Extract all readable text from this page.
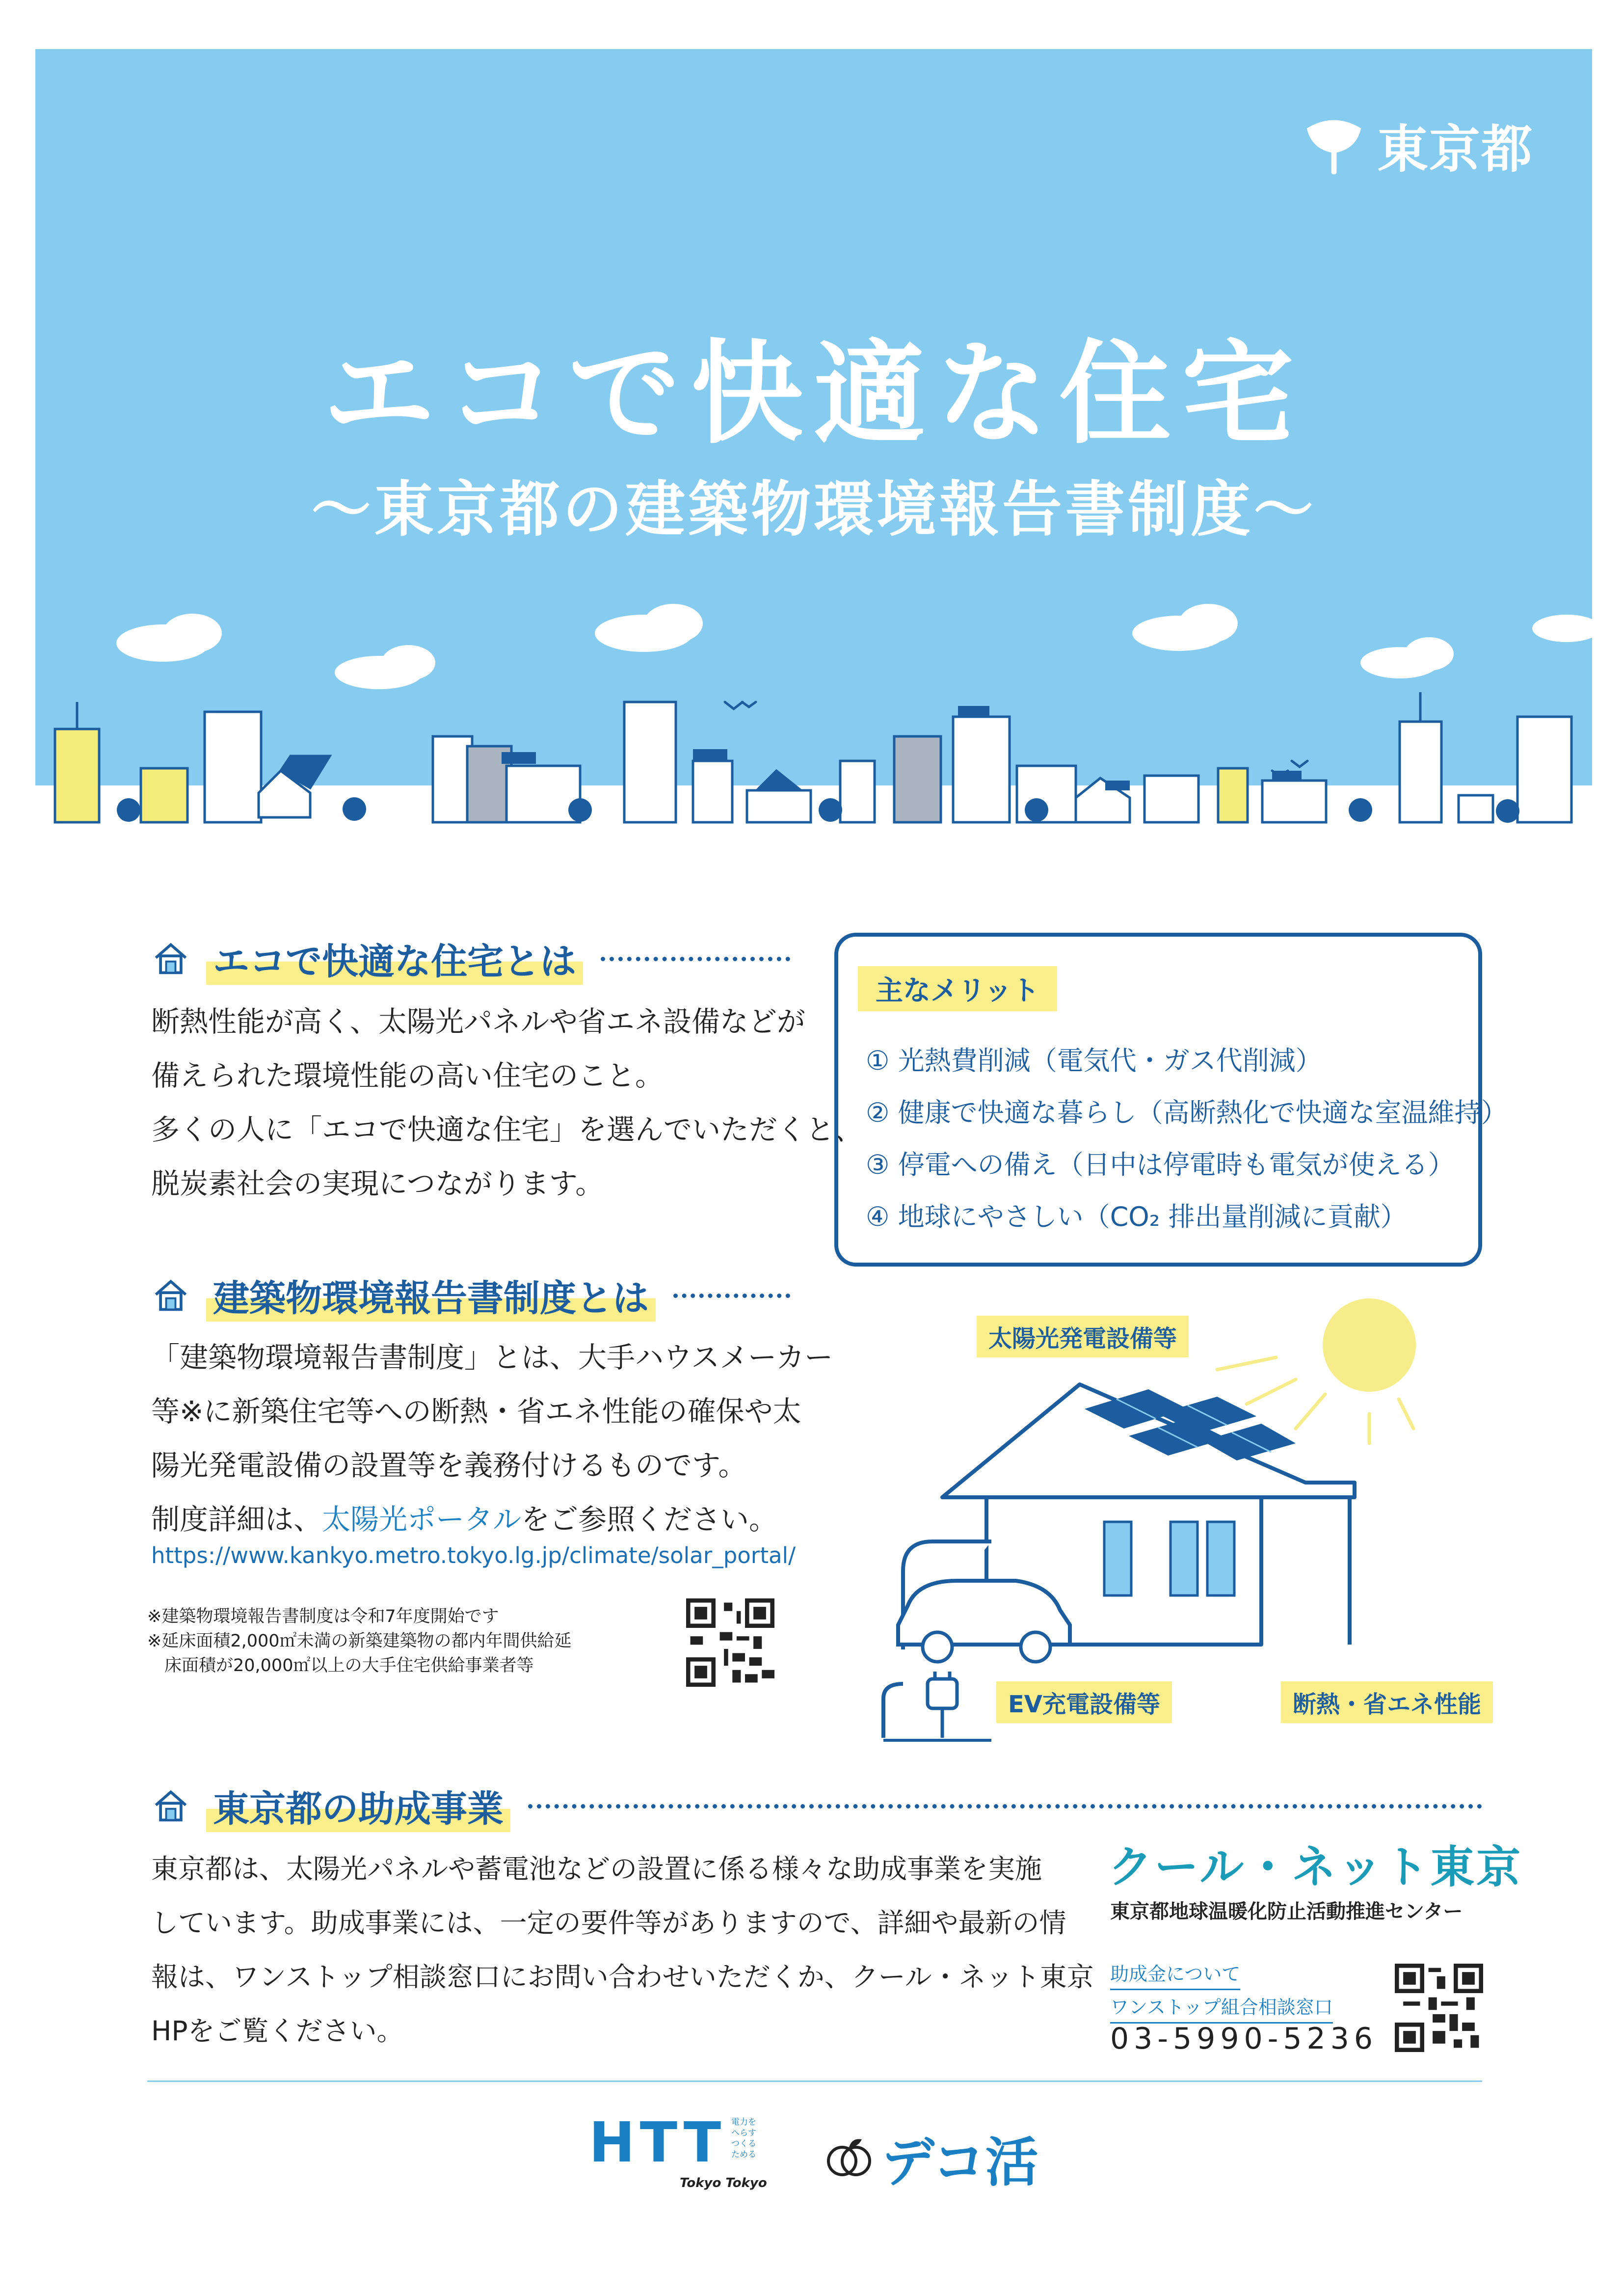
東京都
エコで快適な住宅
〜東京都の建築物環境報告書制度〜
エコで快適な住宅とは

断熱性能が高く、太陽光パネルや省エネ設備などが

備えられた環境性能の高い住宅のこと。

多くの人に「エコで快適な住宅」を選んでいただくと、

脱炭素社会の実現につながります。

主なメリット
① 光熱費削減（電気代・ガス代削減）
② 健康で快適な暮らし（高断熱化で快適な室温維持）
③ 停電への備え（日中は停電時も電気が使える）
④ 地球にやさしい（CO₂ 排出量削減に貢献）
建築物環境報告書制度とは

「建築物環境報告書制度」とは、大手ハウスメーカー

等※に新築住宅等への断熱・省エネ性能の確保や太

陽光発電設備の設置等を義務付けるものです。

制度詳細は、太陽光ポータルをご参照ください。

https://www.kankyo.metro.tokyo.lg.jp/climate/solar_portal/

※建築物環境報告書制度は令和7年度開始です

※延床面積2,000㎡未満の新築建築物の都内年間供給延

　床面積が20,000㎡以上の大手住宅供給事業者等

太陽光発電設備等
EV充電設備等	断熱・省エネ性能
東京都の助成事業

東京都は、太陽光パネルや蓄電池などの設置に係る様々な助成事業を実施

しています。助成事業には、一定の要件等がありますので、詳細や最新の情

報は、ワンストップ相談窓口にお問い合わせいただくか、クール・ネット東京

HPをご覧ください。

クール・ネット東京
東京都地球温暖化防止活動推進センター
助成金について
ワンストップ組合相談窓口
03-5990-5236
HTT
Tokyo Tokyo
電力を
へらす
つくる
ためる デコ活
